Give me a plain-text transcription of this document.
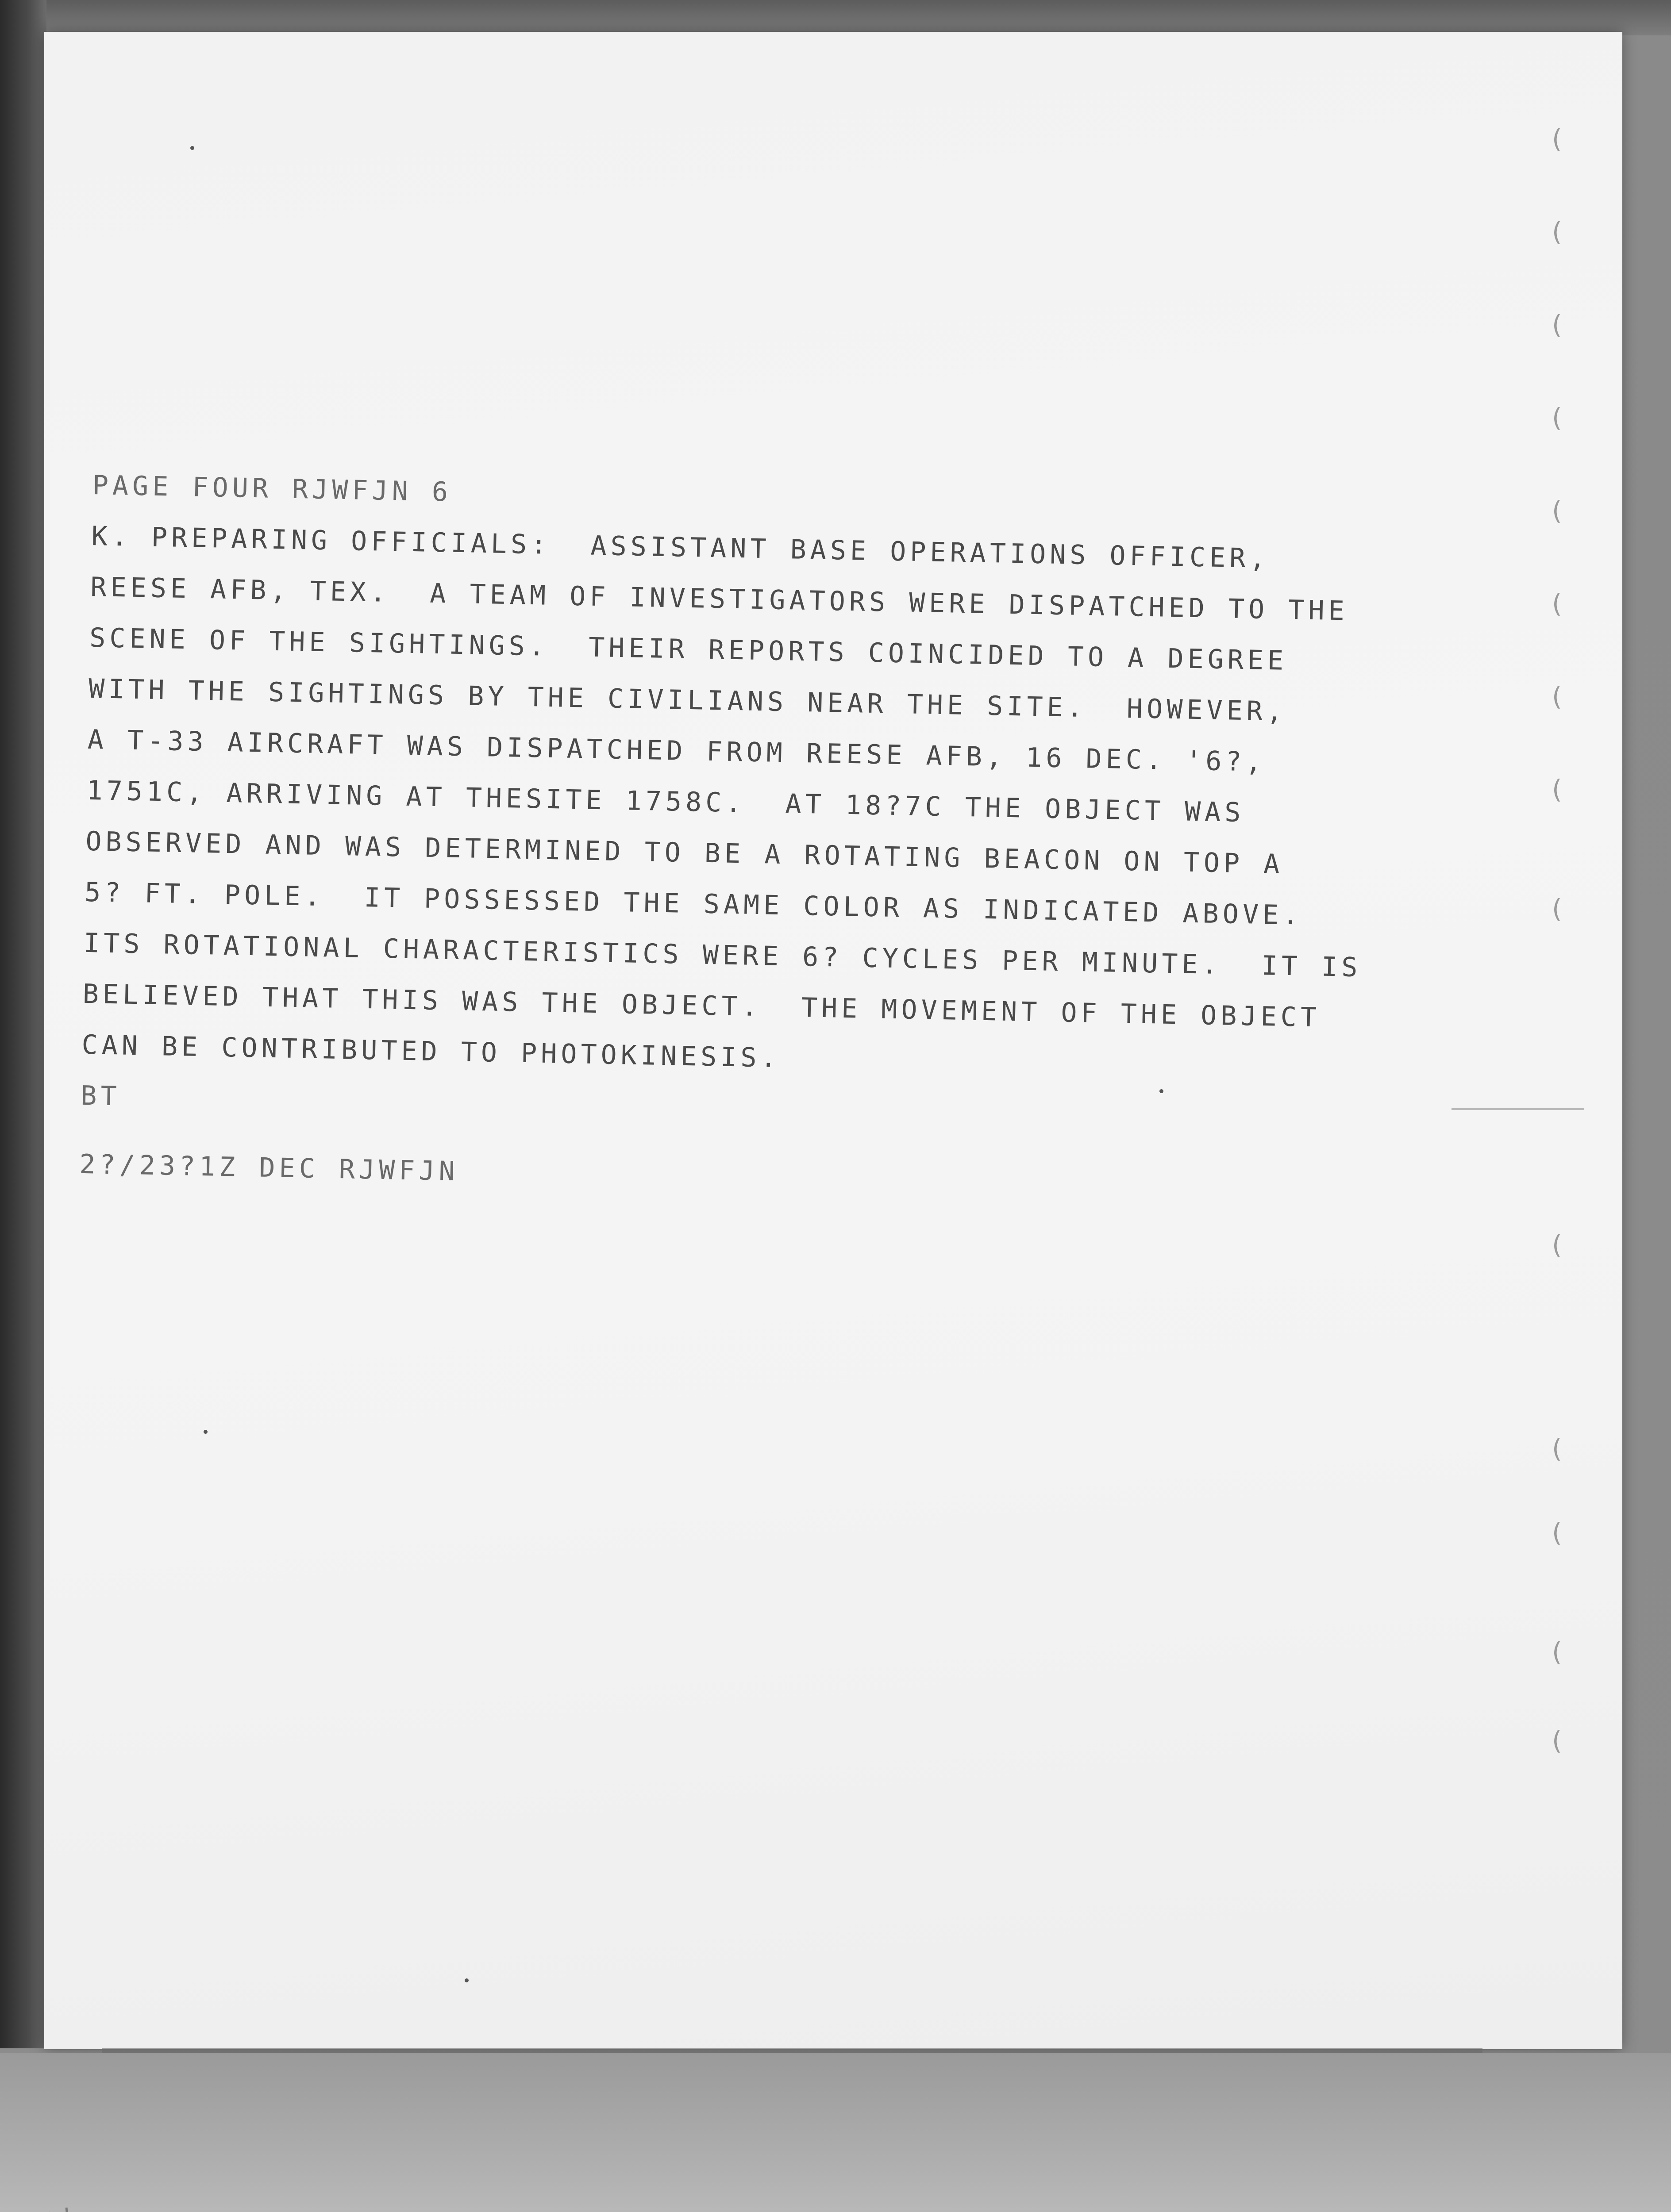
(
(
(
(
(
(
(
(
(
(
(
(
(
(
PAGE FOUR RJWFJN 6
K. PREPARING OFFICIALS:  ASSISTANT BASE OPERATIONS OFFICER,
REESE AFB, TEX.  A TEAM OF INVESTIGATORS WERE DISPATCHED TO THE
SCENE OF THE SIGHTINGS.  THEIR REPORTS COINCIDED TO A DEGREE
WITH THE SIGHTINGS BY THE CIVILIANS NEAR THE SITE.  HOWEVER,
A T-33 AIRCRAFT WAS DISPATCHED FROM REESE AFB, 16 DEC. '6?,
1751C, ARRIVING AT THESITE 1758C.  AT 18?7C THE OBJECT WAS
OBSERVED AND WAS DETERMINED TO BE A ROTATING BEACON ON TOP A
5? FT. POLE.  IT POSSESSED THE SAME COLOR AS INDICATED ABOVE.
ITS ROTATIONAL CHARACTERISTICS WERE 6? CYCLES PER MINUTE.  IT IS
BELIEVED THAT THIS WAS THE OBJECT.  THE MOVEMENT OF THE OBJECT
CAN BE CONTRIBUTED TO PHOTOKINESIS.
BT
2?/23?1Z DEC RJWFJN
